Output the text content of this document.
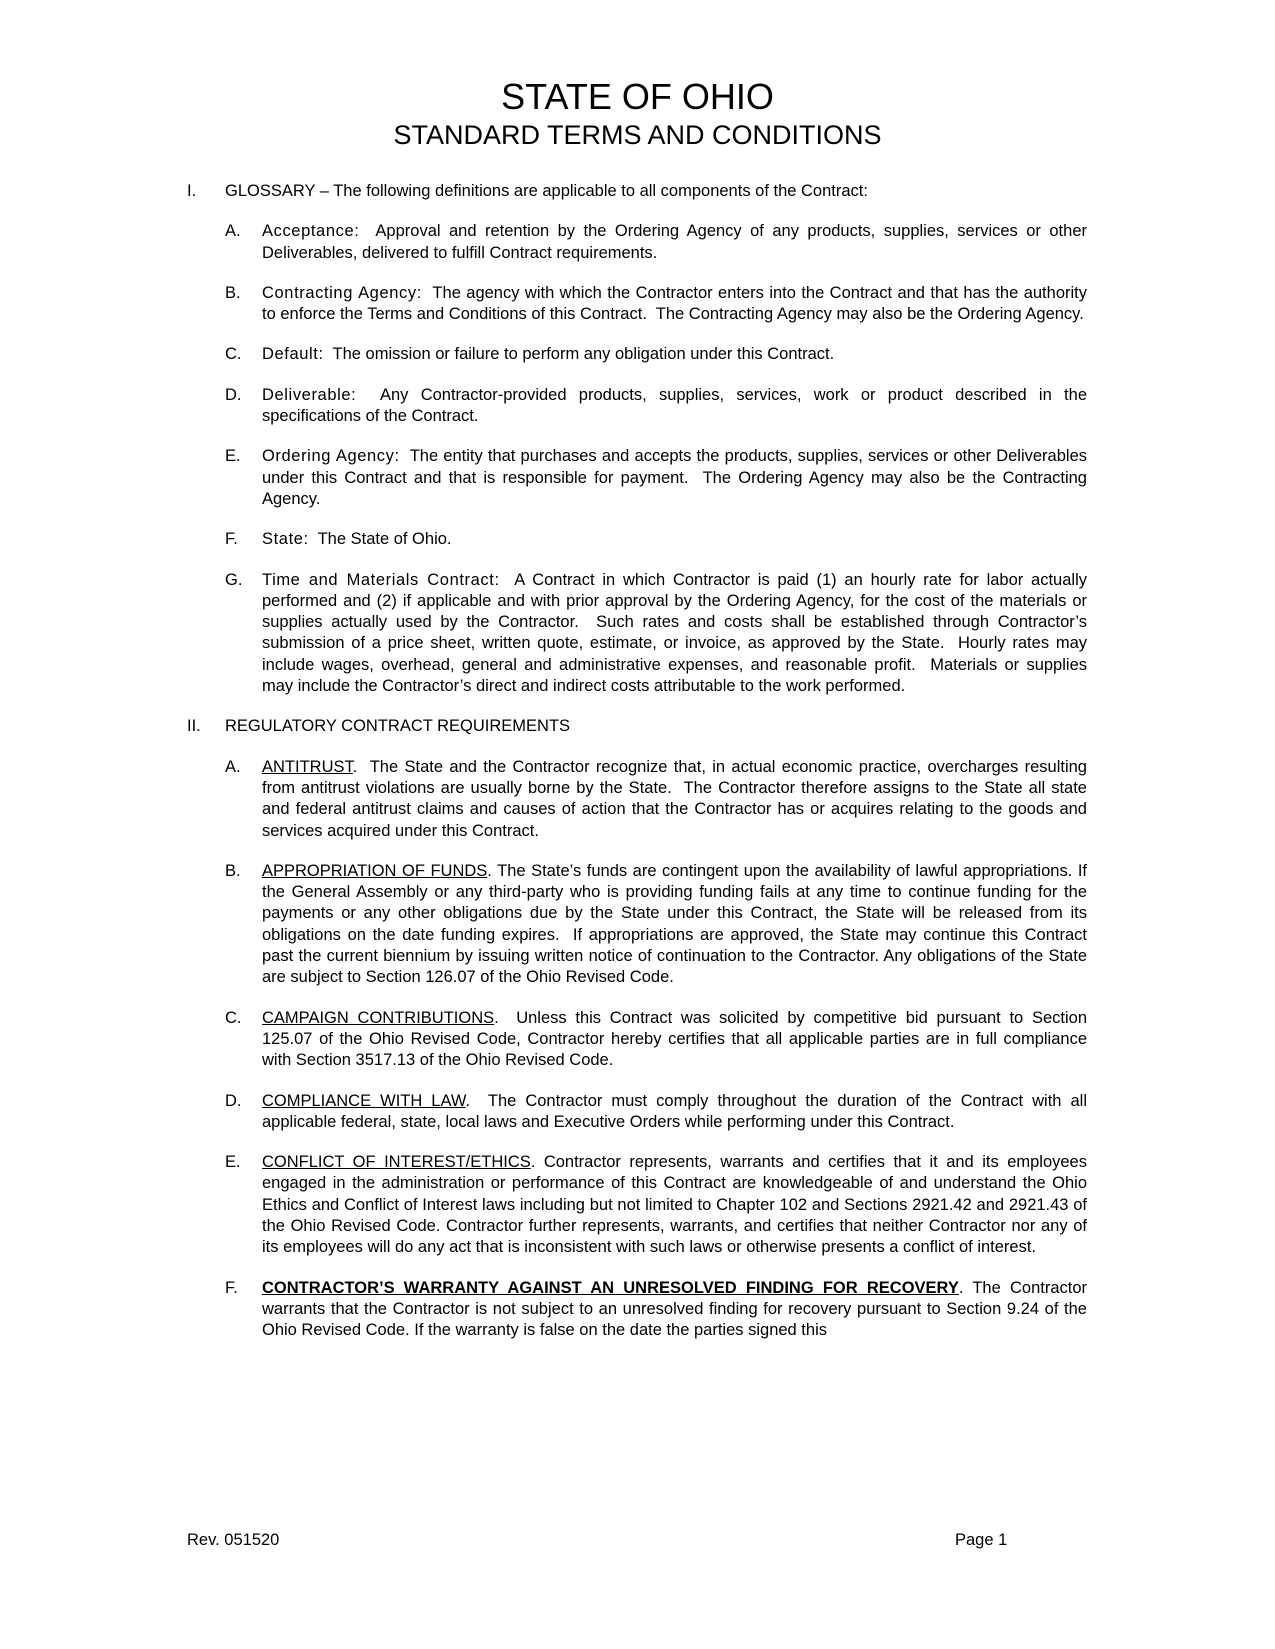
STATE OF OHIO
STANDARD TERMS AND CONDITIONS
I.	GLOSSARY – The following definitions are applicable to all components of the Contract:
A.	Acceptance:  Approval and retention by the Ordering Agency of any products, supplies, services or other Deliverables, delivered to fulfill Contract requirements.
B.	Contracting Agency:  The agency with which the Contractor enters into the Contract and that has the authority to enforce the Terms and Conditions of this Contract.  The Contracting Agency may also be the Ordering Agency.
C.	Default:  The omission or failure to perform any obligation under this Contract.
D.	Deliverable:  Any Contractor-provided products, supplies, services, work or product described in the specifications of the Contract.
E.	Ordering Agency:  The entity that purchases and accepts the products, supplies, services or other Deliverables under this Contract and that is responsible for payment.  The Ordering Agency may also be the Contracting Agency.
F.	State:  The State of Ohio.
G.	Time and Materials Contract:  A Contract in which Contractor is paid (1) an hourly rate for labor actually performed and (2) if applicable and with prior approval by the Ordering Agency, for the cost of the materials or supplies actually used by the Contractor.  Such rates and costs shall be established through Contractor’s submission of a price sheet, written quote, estimate, or invoice, as approved by the State.  Hourly rates may include wages, overhead, general and administrative expenses, and reasonable profit.  Materials or supplies may include the Contractor’s direct and indirect costs attributable to the work performed.
II.	REGULATORY CONTRACT REQUIREMENTS
A.	ANTITRUST.  The State and the Contractor recognize that, in actual economic practice, overcharges resulting from antitrust violations are usually borne by the State.  The Contractor therefore assigns to the State all state and federal antitrust claims and causes of action that the Contractor has or acquires relating to the goods and services acquired under this Contract.
B.	APPROPRIATION OF FUNDS. The State’s funds are contingent upon the availability of lawful appropriations. If the General Assembly or any third-party who is providing funding fails at any time to continue funding for the payments or any other obligations due by the State under this Contract, the State will be released from its obligations on the date funding expires.  If appropriations are approved, the State may continue this Contract past the current biennium by issuing written notice of continuation to the Contractor. Any obligations of the State are subject to Section 126.07 of the Ohio Revised Code.
C.	CAMPAIGN CONTRIBUTIONS.  Unless this Contract was solicited by competitive bid pursuant to Section 125.07 of the Ohio Revised Code, Contractor hereby certifies that all applicable parties are in full compliance with Section 3517.13 of the Ohio Revised Code.
D.	COMPLIANCE WITH LAW.  The Contractor must comply throughout the duration of the Contract with all applicable federal, state, local laws and Executive Orders while performing under this Contract.
E.	CONFLICT OF INTEREST/ETHICS. Contractor represents, warrants and certifies that it and its employees engaged in the administration or performance of this Contract are knowledgeable of and understand the Ohio Ethics and Conflict of Interest laws including but not limited to Chapter 102 and Sections 2921.42 and 2921.43 of the Ohio Revised Code. Contractor further represents, warrants, and certifies that neither Contractor nor any of its employees will do any act that is inconsistent with such laws or otherwise presents a conflict of interest.
F.	CONTRACTOR’S WARRANTY AGAINST AN UNRESOLVED FINDING FOR RECOVERY. The Contractor warrants that the Contractor is not subject to an unresolved finding for recovery pursuant to Section 9.24 of the Ohio Revised Code. If the warranty is false on the date the parties signed this
Rev. 051520	Page 1
